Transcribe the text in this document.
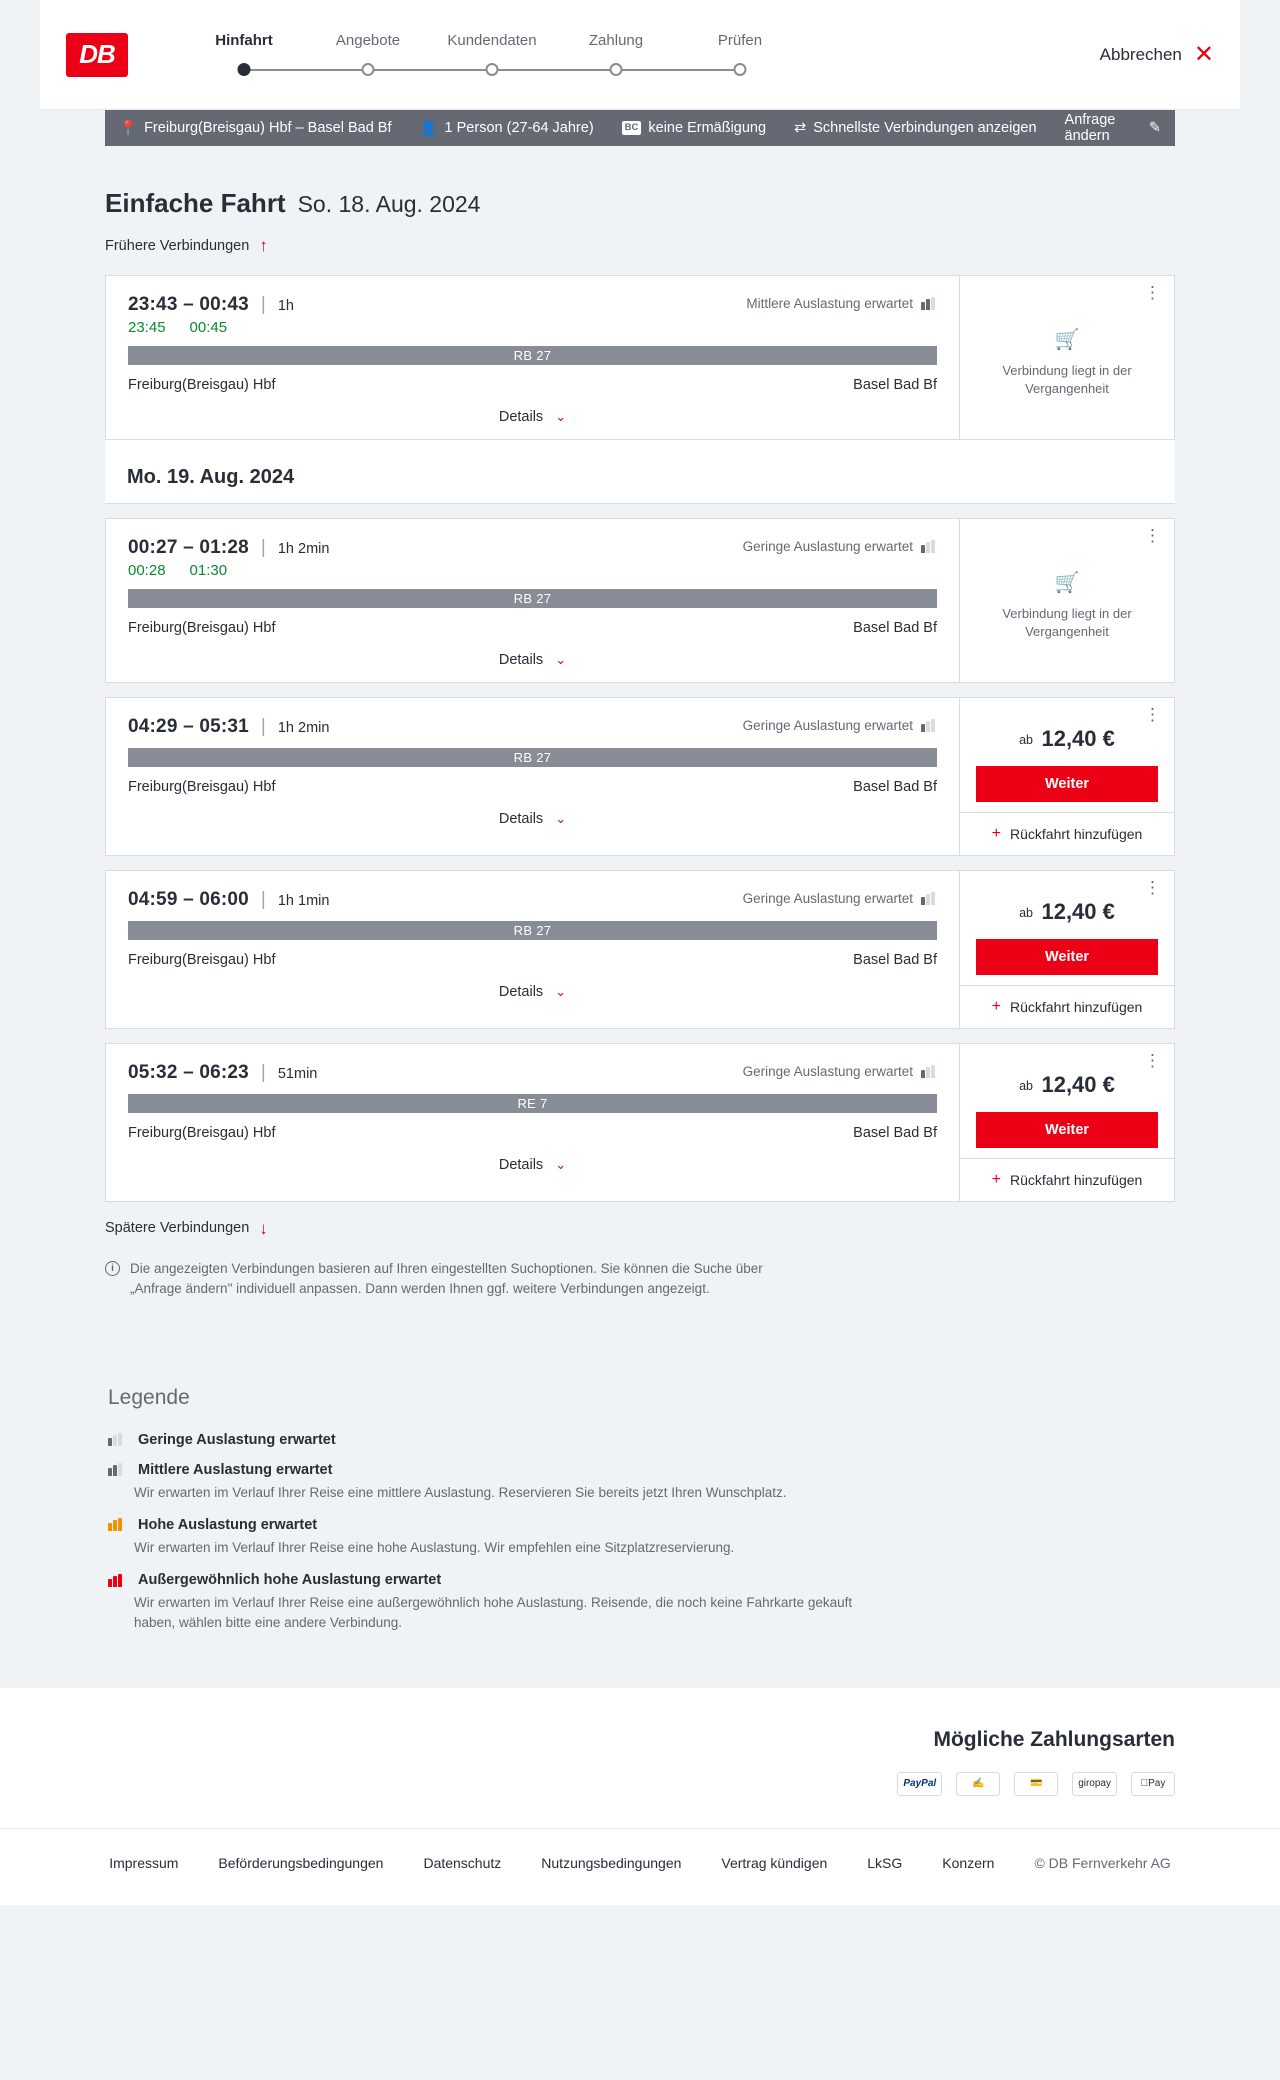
DB	Hinfahrt	Angebote	Kundendaten	Zahlung	Prüfen
Abbrechen ✕
📍 Freiburg(Breisgau) Hbf – Basel Bad Bf 👤 1 Person (27-64 Jahre)	BC keine Ermäßigung ⇄ Schnellste Verbindungen anzeigen Anfrage ändern	✎
Einfache Fahrt So. 18. Aug. 2024
Frühere Verbindungen ↑
23:43 – 00:43 | 1h	Mittlere Auslastung erwartet
23:45 00:45
RB 27
Freiburg(Breisgau) Hbf	Basel Bad Bf
Details ⌄
⋮
🛒
Verbindung liegt in der Vergangenheit
Mo. 19. Aug. 2024
00:27 – 01:28 | 1h 2min	Geringe Auslastung erwartet
00:28 01:30
RB 27
Freiburg(Breisgau) Hbf	Basel Bad Bf
Details ⌄
⋮
🛒
Verbindung liegt in der Vergangenheit
04:29 – 05:31 | 1h 2min	Geringe Auslastung erwartet
RB 27
Freiburg(Breisgau) Hbf	Basel Bad Bf
Details ⌄
⋮
ab 12,40 €
Weiter
+ Rückfahrt hinzufügen
04:59 – 06:00 | 1h 1min	Geringe Auslastung erwartet
RB 27
Freiburg(Breisgau) Hbf	Basel Bad Bf
Details ⌄
⋮
ab 12,40 €
Weiter
+ Rückfahrt hinzufügen
05:32 – 06:23 | 51min	Geringe Auslastung erwartet
RE 7
Freiburg(Breisgau) Hbf	Basel Bad Bf
Details ⌄
⋮
ab 12,40 €
Weiter
+ Rückfahrt hinzufügen
Spätere Verbindungen ↓
i	Die angezeigten Verbindungen basieren auf Ihren eingestellten Suchoptionen. Sie können die Suche über „Anfrage ändern" individuell anpassen. Dann werden Ihnen ggf. weitere Verbindungen angezeigt.
Legende
Geringe Auslastung erwartet
Mittlere Auslastung erwartet
Wir erwarten im Verlauf Ihrer Reise eine mittlere Auslastung. Reservieren Sie bereits jetzt Ihren Wunschplatz.
Hohe Auslastung erwartet
Wir erwarten im Verlauf Ihrer Reise eine hohe Auslastung. Wir empfehlen eine Sitzplatzreservierung.
Außergewöhnlich hohe Auslastung erwartet
Wir erwarten im Verlauf Ihrer Reise eine außergewöhnlich hohe Auslastung. Reisende, die noch keine Fahrkarte gekauft haben, wählen bitte eine andere Verbindung.
Mögliche Zahlungsarten
PayPal	✍	💳	giropay	Pay
Impressum	Beförderungsbedingungen	Datenschutz	Nutzungsbedingungen	Vertrag kündigen	LkSG	Konzern	© DB Fernverkehr AG
